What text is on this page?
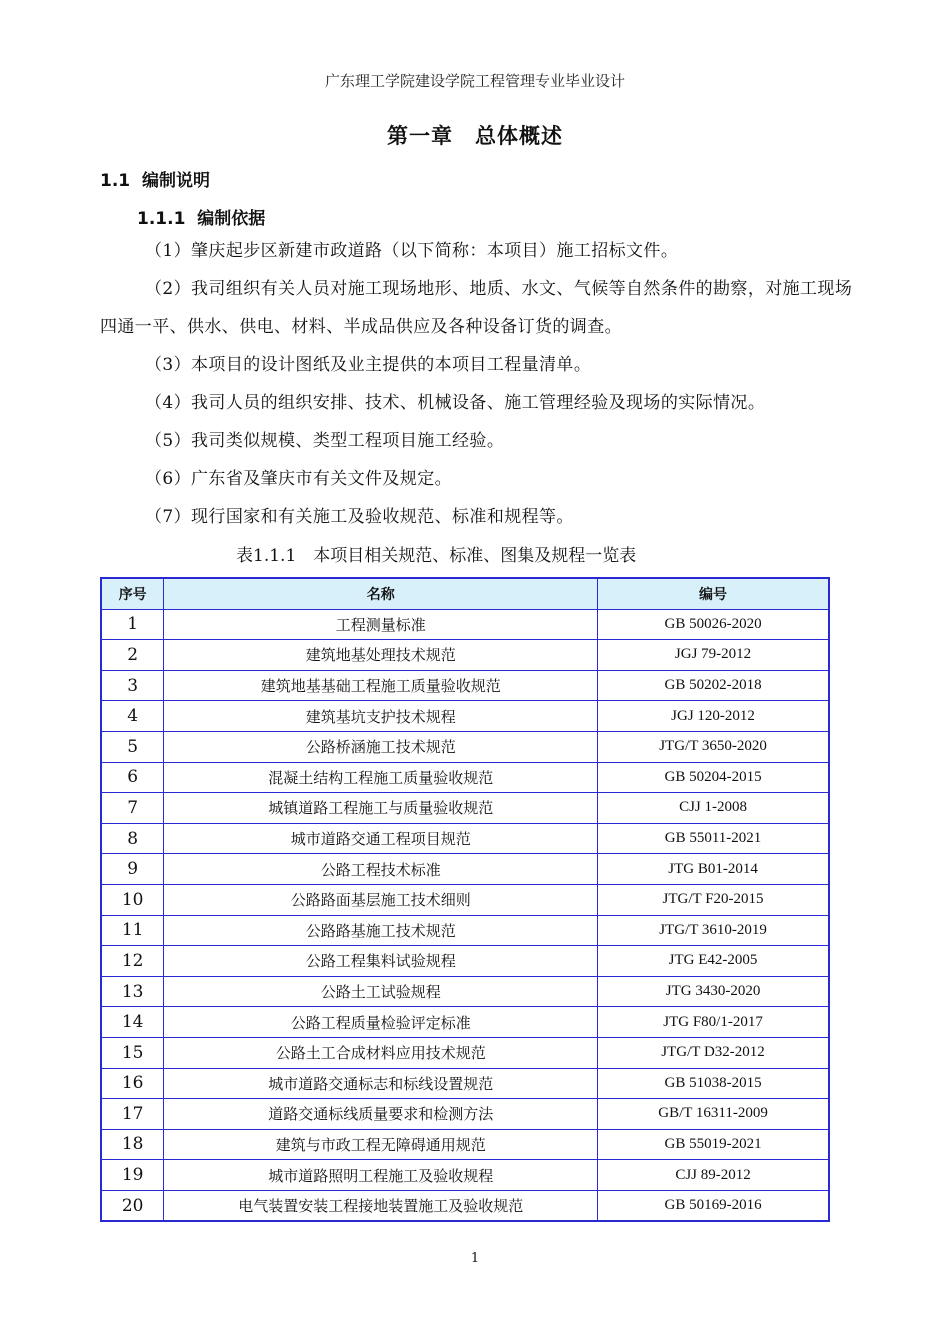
广东理工学院建设学院工程管理专业毕业设计
第一章　总体概述
1.1 编制说明
1.1.1 编制依据
（1）肇庆起步区新建市政道路（以下简称：本项目）施工招标文件。
（2）我司组织有关人员对施工现场地形、地质、水文、气候等自然条件的勘察，对施工现场四通一平、供水、供电、材料、半成品供应及各种设备订货的调查。
（3）本项目的设计图纸及业主提供的本项目工程量清单。
（4）我司人员的组织安排、技术、机械设备、施工管理经验及现场的实际情况。
（5）我司类似规模、类型工程项目施工经验。
（6）广东省及肇庆市有关文件及规定。
（7）现行国家和有关施工及验收规范、标准和规程等。
表1.1.1　本项目相关规范、标准、图集及规程一览表
序号	名称	编号
1	工程测量标准	GB 50026-2020
2	建筑地基处理技术规范	JGJ 79-2012
3	建筑地基基础工程施工质量验收规范	GB 50202-2018
4	建筑基坑支护技术规程	JGJ 120-2012
5	公路桥涵施工技术规范	JTG/T 3650-2020
6	混凝土结构工程施工质量验收规范	GB 50204-2015
7	城镇道路工程施工与质量验收规范	CJJ 1-2008
8	城市道路交通工程项目规范	GB 55011-2021
9	公路工程技术标准	JTG B01-2014
10	公路路面基层施工技术细则	JTG/T F20-2015
11	公路路基施工技术规范	JTG/T 3610-2019
12	公路工程集料试验规程	JTG E42-2005
13	公路土工试验规程	JTG 3430-2020
14	公路工程质量检验评定标准	JTG F80/1-2017
15	公路土工合成材料应用技术规范	JTG/T D32-2012
16	城市道路交通标志和标线设置规范	GB 51038-2015
17	道路交通标线质量要求和检测方法	GB/T 16311-2009
18	建筑与市政工程无障碍通用规范	GB 55019-2021
19	城市道路照明工程施工及验收规程	CJJ 89-2012
20	电气装置安装工程接地装置施工及验收规范	GB 50169-2016
1
